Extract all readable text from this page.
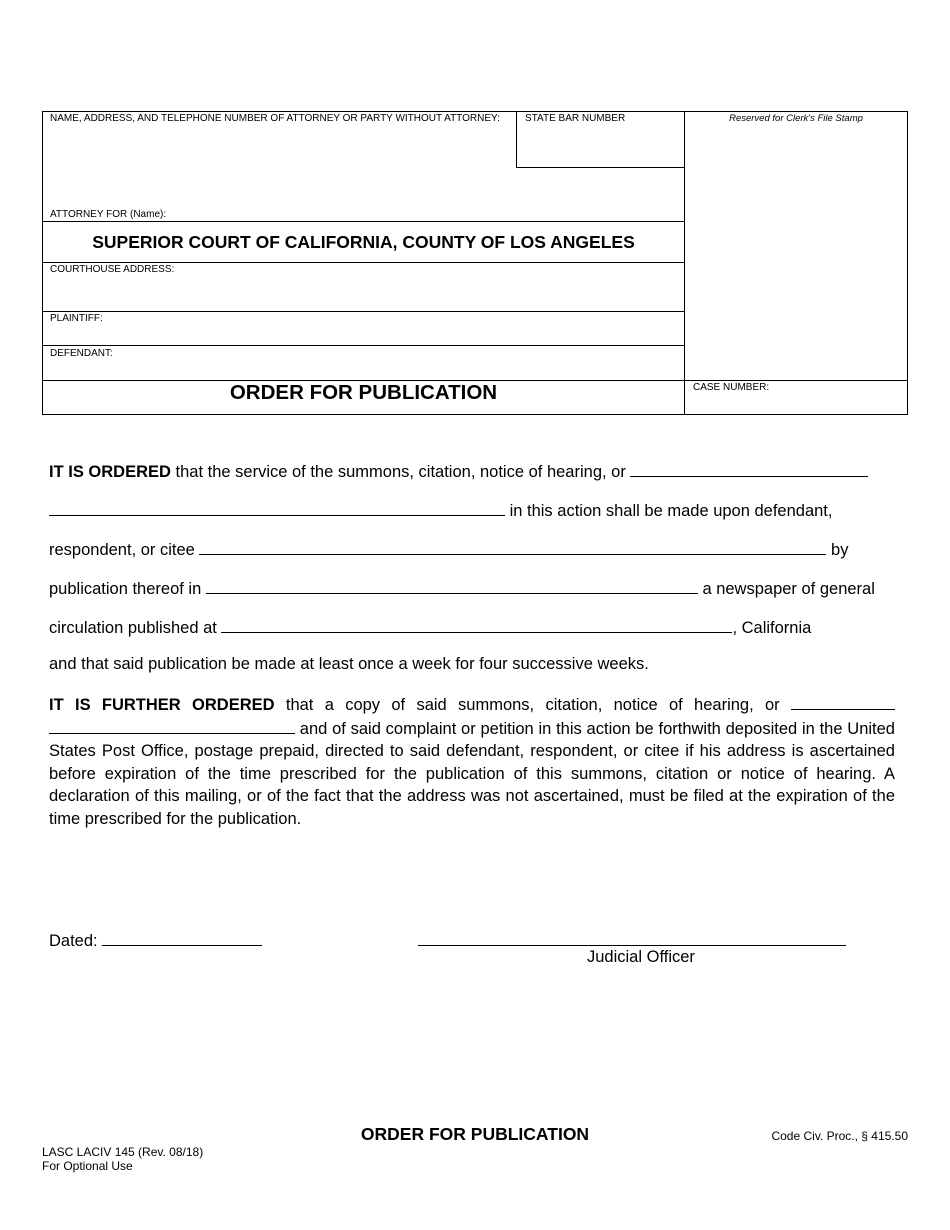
NAME, ADDRESS, AND TELEPHONE NUMBER OF ATTORNEY OR PARTY WITHOUT ATTORNEY:	STATE BAR NUMBER	Reserved for Clerk's File Stamp
ATTORNEY FOR (Name):
SUPERIOR COURT OF CALIFORNIA, COUNTY OF LOS ANGELES
COURTHOUSE ADDRESS:
PLAINTIFF:
DEFENDANT:
ORDER FOR PUBLICATION	CASE NUMBER:
IT IS ORDERED that the service of the summons, citation, notice of hearing, or
in this action shall be made upon defendant,
respondent, or citee	by
publication thereof in	a newspaper of general
circulation published at	, California
and that said publication be made at least once a week for four successive weeks.
IT IS FURTHER ORDERED that a copy of said summons, citation, notice of hearing, or   and of said complaint or petition in this action be forthwith deposited in the United States Post Office, postage prepaid, directed to said defendant, respondent, or citee if his address is ascertained before expiration of the time prescribed for the publication of this summons, citation or notice of hearing. A declaration of this mailing, or of the fact that the address was not ascertained, must be filed at the expiration of the time prescribed for the publication.
Dated:
Judicial Officer
LASC LACIV 145 (Rev. 08/18)
For Optional Use
ORDER FOR PUBLICATION	Code Civ. Proc., § 415.50
